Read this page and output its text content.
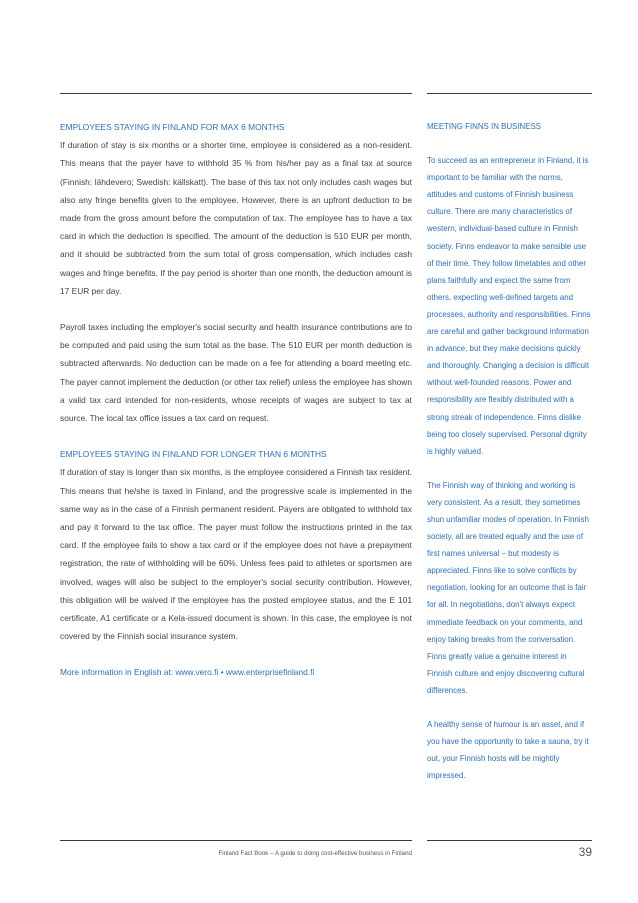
EMPLOYEES STAYING IN FINLAND FOR MAX 6 MONTHS

If duration of stay is six months or a shorter time, employee is considered as a non-resident. This means that the payer have to withhold 35 % from his/her pay as a final tax at source (Finnish: lähdevero; Swedish: källskatt). The base of this tax not only includes cash wages but also any fringe benefits given to the employee. However, there is an upfront deduction to be made from the gross amount before the computation of tax. The employee has to have a tax card in which the deduction is specified. The amount of the deduction is 510 EUR per month, and it should be subtracted from the sum total of gross compensation, which includes cash wages and fringe benefits. If the pay period is shorter than one month, the deduction amount is 17 EUR per day.

Payroll taxes including the employer's social security and health insurance contributions are to be computed and paid using the sum total as the base. The 510 EUR per month deduction is subtracted afterwards. No deduction can be made on a fee for attending a board meeting etc. The payer cannot implement the deduction (or other tax relief) unless the employee has shown a valid tax card intended for non-residents, whose receipts of wages are subject to tax at source. The local tax office issues a tax card on request.

EMPLOYEES STAYING IN FINLAND FOR LONGER THAN 6 MONTHS

If duration of stay is longer than six months, is the employee considered a Finnish tax resident. This means that he/she is taxed in Finland, and the progressive scale is implemented in the same way as in the case of a Finnish permanent resident. Payers are obligated to withhold tax and pay it forward to the tax office. The payer must follow the instructions printed in the tax card. If the employee fails to show a tax card or if the employee does not have a prepayment registration, the rate of withholding will be 60%. Unless fees paid to athletes or sportsmen are involved, wages will also be subject to the employer's social security contribution. However, this obligation will be waived if the employee has the posted employee status, and the E 101 certificate, A1 certificate or a Kela-issued document is shown. In this case, the employee is not covered by the Finnish social insurance system.

More information in English at: www.vero.fi • www.enterprisefinland.fi

MEETING FINNS IN BUSINESS

To succeed as an entrepreneur in Finland, it is important to be familiar with the norms, attitudes and customs of Finnish business culture. There are many characteristics of western, individual-based culture in Finnish society. Finns endeavor to make sensible use of their time. They follow timetables and other plans faithfully and expect the same from others, expecting well-defined targets and processes, authority and responsibilities. Finns are careful and gather background information in advance, but they make decisions quickly and thoroughly. Changing a decision is difficult without well-founded reasons. Power and responsibility are flexibly distributed with a strong streak of independence. Finns dislike being too closely supervised. Personal dignity is highly valued.

The Finnish way of thinking and working is very consistent. As a result, they sometimes shun unfamiliar modes of operation. In Finnish society, all are treated equally and the use of first names universal – but modesty is appreciated. Finns like to solve conflicts by negotiation, looking for an outcome that is fair for all. In negotiations, don't always expect immediate feedback on your comments, and enjoy taking breaks from the conversation. Finns greatly value a genuine interest in Finnish culture and enjoy discovering cultural differences.

A healthy sense of humour is an asset, and if you have the opportunity to take a sauna, try it out, your Finnish hosts will be mightily impressed.

Finland Fact Book – A guide to doing cost-effective business in Finland	39
